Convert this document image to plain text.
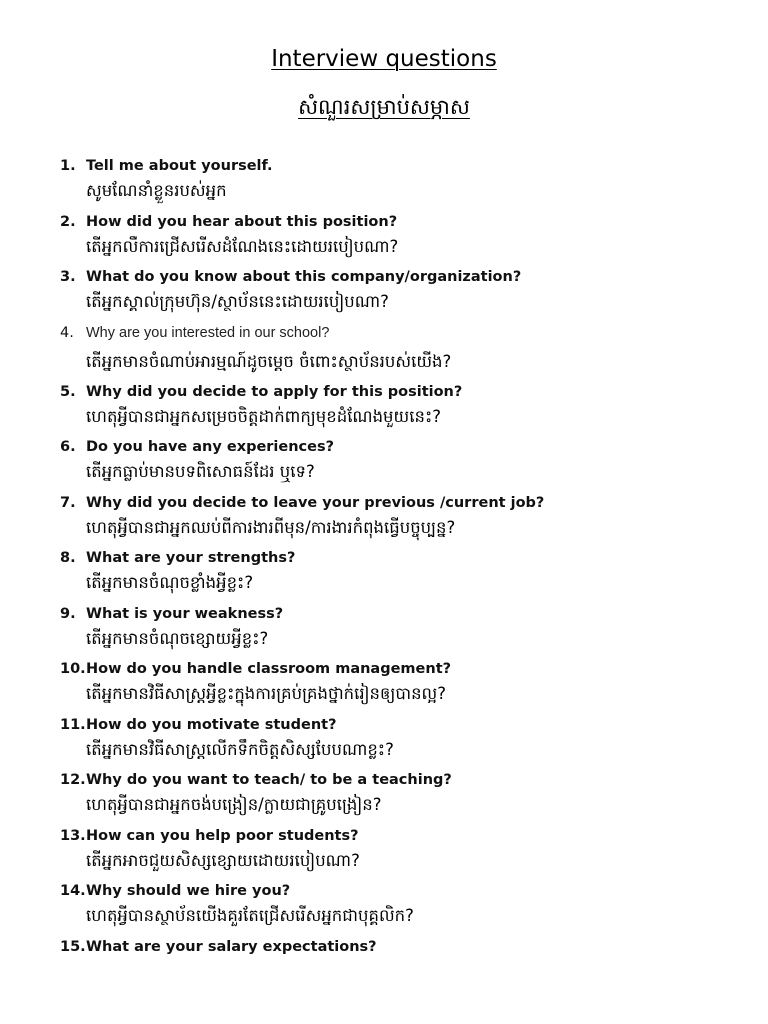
Interview questions
សំណួរសម្រាប់សម្ភាស
1. Tell me about yourself.
សូមណែនាំខ្លួនរបស់អ្នក
2. How did you hear about this position?
តើអ្នកលឺការជ្រើសរើសដំណែងនេះដោយរបៀបណា?
3. What do you know about this company/organization?
តើអ្នកស្គាល់ក្រុមហ៊ុន/ស្ថាប័ននេះដោយរបៀបណា?
4. Why are you interested in our school?
តើអ្នកមានចំណាប់អារម្មណ៍ដូចម្តេច ចំពោះស្ថាប័នរបស់យើង?
5. Why did you decide to apply for this position?
ហេតុអ្វីបានជាអ្នកសម្រេចចិត្តដាក់ពាក្យមុខដំណែងមួយនេះ?
6. Do you have any experiences?
តើអ្នកធ្លាប់មានបទពិសោធន៍ដែរ ឬទេ?
7. Why did you decide to leave your previous /current job?
ហេតុអ្វីបានជាអ្នកឈប់ពីការងារពីមុន/ការងារកំពុងធ្វើបច្ចុប្បន្ន?
8. What are your strengths?
តើអ្នកមានចំណុចខ្លាំងអ្វីខ្លះ?
9. What is your weakness?
តើអ្នកមានចំណុចខ្សោយអ្វីខ្លះ?
10. How do you handle classroom management?
តើអ្នកមានវិធីសាស្រ្តអ្វីខ្លះក្នុងការគ្រប់គ្រងថ្នាក់រៀនឲ្យបានល្អ?
11. How do you motivate student?
តើអ្នកមានវិធីសាស្រ្តលើកទឹកចិត្តសិស្សបែបណាខ្លះ?
12. Why do you want to teach/ to be a teaching?
ហេតុអ្វីបានជាអ្នកចង់បង្រៀន/ក្លាយជាគ្រូបង្រៀន?
13. How can you help poor students?
តើអ្នកអាចជួយសិស្សខ្សោយដោយរបៀបណា?
14. Why should we hire you?
ហេតុអ្វីបានស្ថាប័នយើងគួរតែជ្រើសរើសអ្នកជាបុគ្គលិក?
15. What are your salary expectations?
